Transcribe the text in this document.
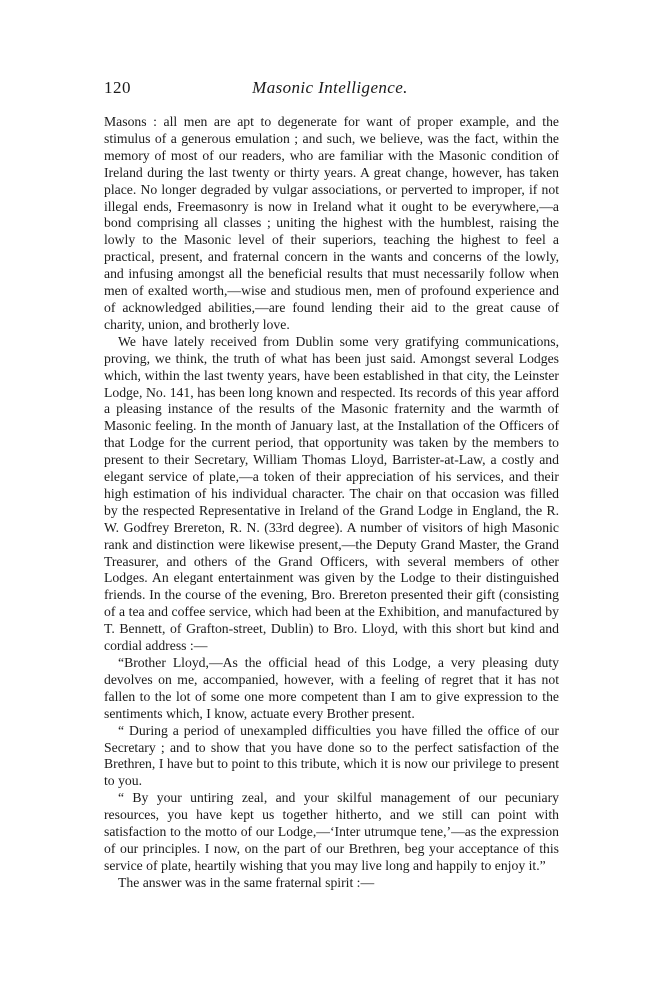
120	Masonic Intelligence.

Masons : all men are apt to degenerate for want of proper example, and the stimulus of a generous emulation ; and such, we believe, was the fact, within the memory of most of our readers, who are familiar with the Masonic condition of Ireland during the last twenty or thirty years. A great change, however, has taken place. No longer degraded by vulgar associations, or perverted to improper, if not illegal ends, Freemasonry is now in Ireland what it ought to be everywhere,—a bond comprising all classes ; uniting the highest with the humblest, raising the lowly to the Masonic level of their superiors, teaching the highest to feel a practical, present, and fraternal concern in the wants and concerns of the lowly, and infusing amongst all the beneficial results that must necessarily follow when men of exalted worth,—wise and studious men, men of profound experience and of acknowledged abilities,—are found lending their aid to the great cause of charity, union, and brotherly love.

We have lately received from Dublin some very gratifying communications, proving, we think, the truth of what has been just said. Amongst several Lodges which, within the last twenty years, have been established in that city, the Leinster Lodge, No. 141, has been long known and respected. Its records of this year afford a pleasing instance of the results of the Masonic fraternity and the warmth of Masonic feeling. In the month of January last, at the Installation of the Officers of that Lodge for the current period, that opportunity was taken by the members to present to their Secretary, William Thomas Lloyd, Barrister-at-Law, a costly and elegant service of plate,—a token of their appreciation of his services, and their high estimation of his individual character. The chair on that occasion was filled by the respected Representative in Ireland of the Grand Lodge in England, the R. W. Godfrey Brereton, R. N. (33rd degree). A number of visitors of high Masonic rank and distinction were likewise present,—the Deputy Grand Master, the Grand Treasurer, and others of the Grand Officers, with several members of other Lodges. An elegant entertainment was given by the Lodge to their distinguished friends. In the course of the evening, Bro. Brereton presented their gift (consisting of a tea and coffee service, which had been at the Exhibition, and manufactured by T. Bennett, of Grafton-street, Dublin) to Bro. Lloyd, with this short but kind and cordial address :—

“Brother Lloyd,—As the official head of this Lodge, a very pleasing duty devolves on me, accompanied, however, with a feeling of regret that it has not fallen to the lot of some one more competent than I am to give expression to the sentiments which, I know, actuate every Brother present.

“ During a period of unexampled difficulties you have filled the office of our Secretary ; and to show that you have done so to the perfect satisfaction of the Brethren, I have but to point to this tribute, which it is now our privilege to present to you.

“ By your untiring zeal, and your skilful management of our pecuniary resources, you have kept us together hitherto, and we still can point with satisfaction to the motto of our Lodge,—‘Inter utrumque tene,’—as the expression of our principles. I now, on the part of our Brethren, beg your acceptance of this service of plate, heartily wishing that you may live long and happily to enjoy it.”

The answer was in the same fraternal spirit :—
